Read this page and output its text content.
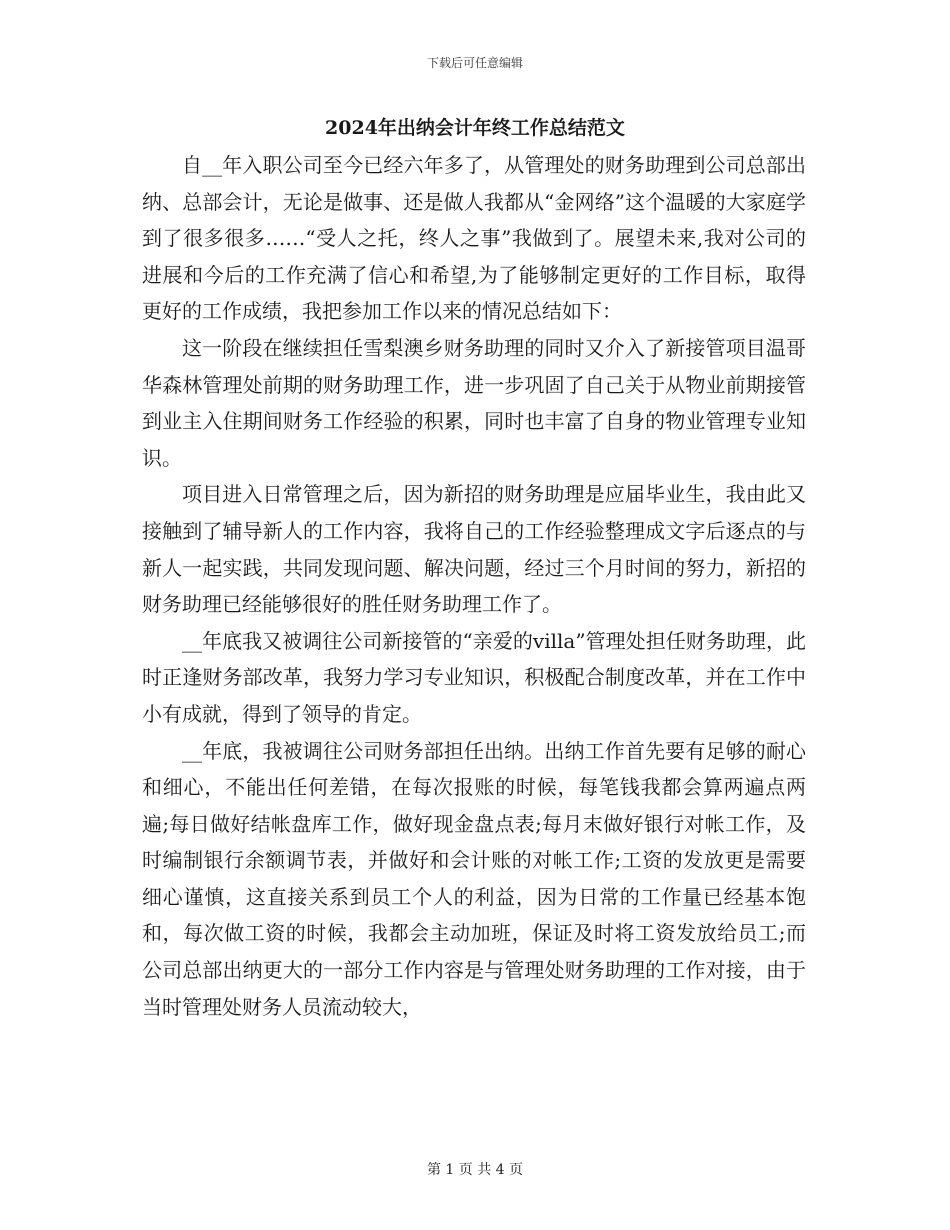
下载后可任意编辑
2024年出纳会计年终工作总结范文

自__年入职公司至今已经六年多了，从管理处的财务助理到公司总部出纳、总部会计，无论是做事、还是做人我都从“金网络”这个温暖的大家庭学到了很多很多……“受人之托，终人之事”我做到了。展望未来,我对公司的进展和今后的工作充满了信心和希望,为了能够制定更好的工作目标，取得更好的工作成绩，我把参加工作以来的情况总结如下：

这一阶段在继续担任雪梨澳乡财务助理的同时又介入了新接管项目温哥华森林管理处前期的财务助理工作，进一步巩固了自己关于从物业前期接管到业主入住期间财务工作经验的积累，同时也丰富了自身的物业管理专业知识。

项目进入日常管理之后，因为新招的财务助理是应届毕业生，我由此又接触到了辅导新人的工作内容，我将自己的工作经验整理成文字后逐点的与新人一起实践，共同发现问题、解决问题，经过三个月时间的努力，新招的财务助理已经能够很好的胜任财务助理工作了。

__年底我又被调往公司新接管的“亲爱的villa”管理处担任财务助理，此时正逢财务部改革，我努力学习专业知识，积极配合制度改革，并在工作中小有成就，得到了领导的肯定。

__年底，我被调往公司财务部担任出纳。出纳工作首先要有足够的耐心和细心，不能出任何差错，在每次报账的时候，每笔钱我都会算两遍点两遍;每日做好结帐盘库工作，做好现金盘点表;每月末做好银行对帐工作，及时编制银行余额调节表，并做好和会计账的对帐工作;工资的发放更是需要细心谨慎，这直接关系到员工个人的利益，因为日常的工作量已经基本饱和，每次做工资的时候，我都会主动加班，保证及时将工资发放给员工;而公司总部出纳更大的一部分工作内容是与管理处财务助理的工作对接，由于当时管理处财务人员流动较大，

第 1 页 共 4 页
